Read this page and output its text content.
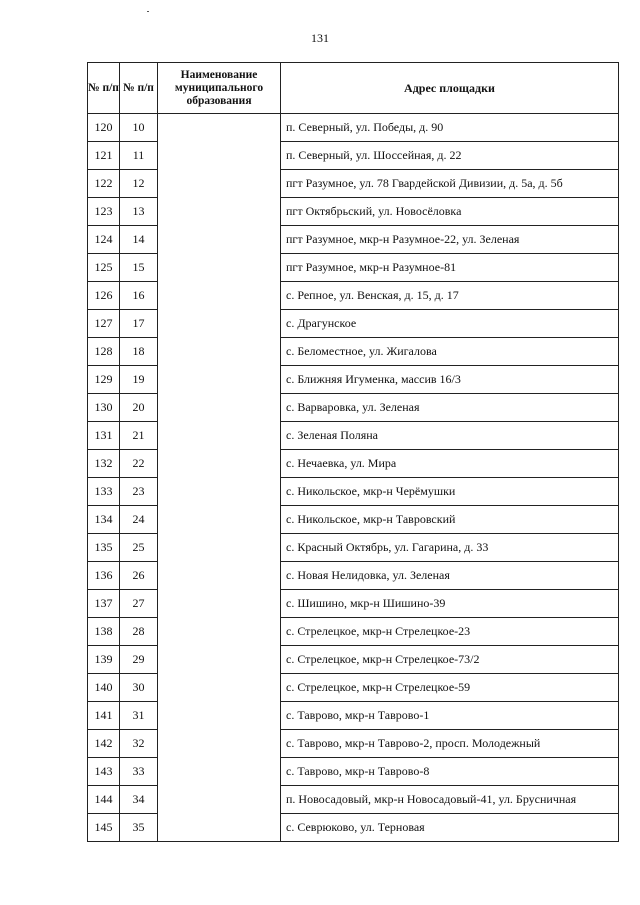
131
№ п/п	№ п/п	Наименование муниципального образования	Адрес площадки
120	10		п. Северный, ул. Победы, д. 90
121	11		п. Северный, ул. Шоссейная, д. 22
122	12		пгт Разумное, ул. 78 Гвардейской Дивизии, д. 5а, д. 5б
123	13		пгт Октябрьский, ул. Новосёловка
124	14		пгт Разумное, мкр-н Разумное-22, ул. Зеленая
125	15		пгт Разумное, мкр-н Разумное-81
126	16		с. Репное, ул. Венская, д. 15, д. 17
127	17		с. Драгунское
128	18		с. Беломестное, ул. Жигалова
129	19		с. Ближняя Игуменка, массив 16/3
130	20		с. Варваровка, ул. Зеленая
131	21		с. Зеленая Поляна
132	22		с. Нечаевка, ул. Мира
133	23		с. Никольское, мкр-н Черёмушки
134	24		с. Никольское, мкр-н Тавровский
135	25		с. Красный Октябрь, ул. Гагарина, д. 33
136	26		с. Новая Нелидовка, ул. Зеленая
137	27		с. Шишино, мкр-н Шишино-39
138	28		с. Стрелецкое, мкр-н Стрелецкое-23
139	29		с. Стрелецкое, мкр-н Стрелецкое-73/2
140	30		с. Стрелецкое, мкр-н Стрелецкое-59
141	31		с. Таврово, мкр-н Таврово-1
142	32		с. Таврово, мкр-н Таврово-2, просп. Молодежный
143	33		с. Таврово, мкр-н Таврово-8
144	34		п. Новосадовый, мкр-н Новосадовый-41, ул. Брусничная
145	35		с. Севрюково, ул. Терновая
